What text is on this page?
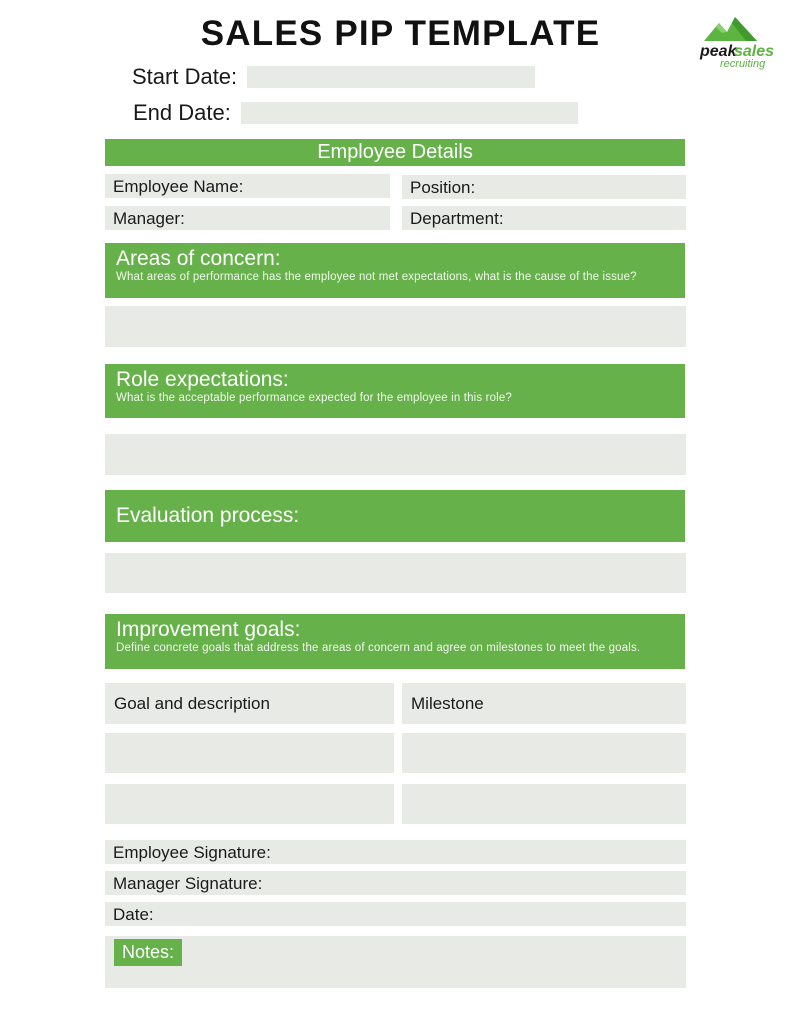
SALES PIP TEMPLATE	peak
sales
recruiting
Start Date:
End Date:
Employee Details
Employee Name:	Position:
Manager:	Department:
Areas of concern:
What areas of performance has the employee not met expectations, what is the cause of the issue?
Role expectations:
What is the acceptable performance expected for the employee in this role?
Evaluation process:
Improvement goals:
Define concrete goals that address the areas of concern and agree on milestones to meet the goals.
Goal and description	Milestone
Employee Signature:
Manager Signature:
Date:
Notes:
